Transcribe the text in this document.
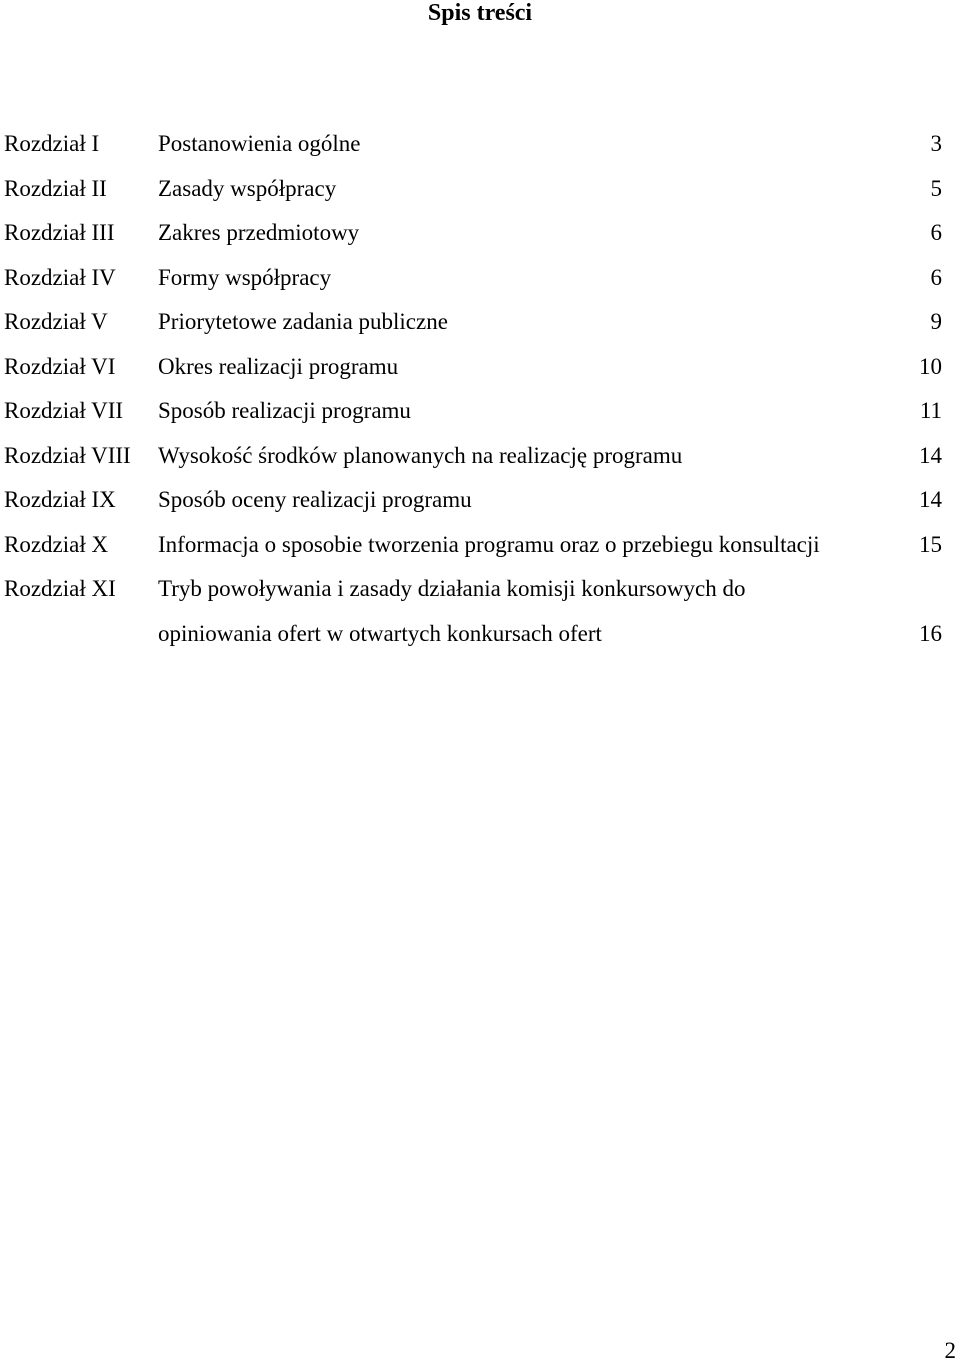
Spis treści
Rozdział I	Postanowienia ogólne	3
Rozdział II Zasady współpracy	5
Rozdział III Zakres przedmiotowy	6
Rozdział IV Formy współpracy	6
Rozdział V Priorytetowe zadania publiczne	9
Rozdział VI Okres realizacji programu	10
Rozdział VII Sposób realizacji programu	11
Rozdział VIII Wysokość środków planowanych na realizację programu	14
Rozdział IX Sposób oceny realizacji programu	14
Rozdział X Informacja o sposobie tworzenia programu oraz o przebiegu konsultacji	15
Rozdział XI Tryb powoływania i zasady działania komisji konkursowych do opiniowania ofert w otwartych konkursach ofert	16
2
